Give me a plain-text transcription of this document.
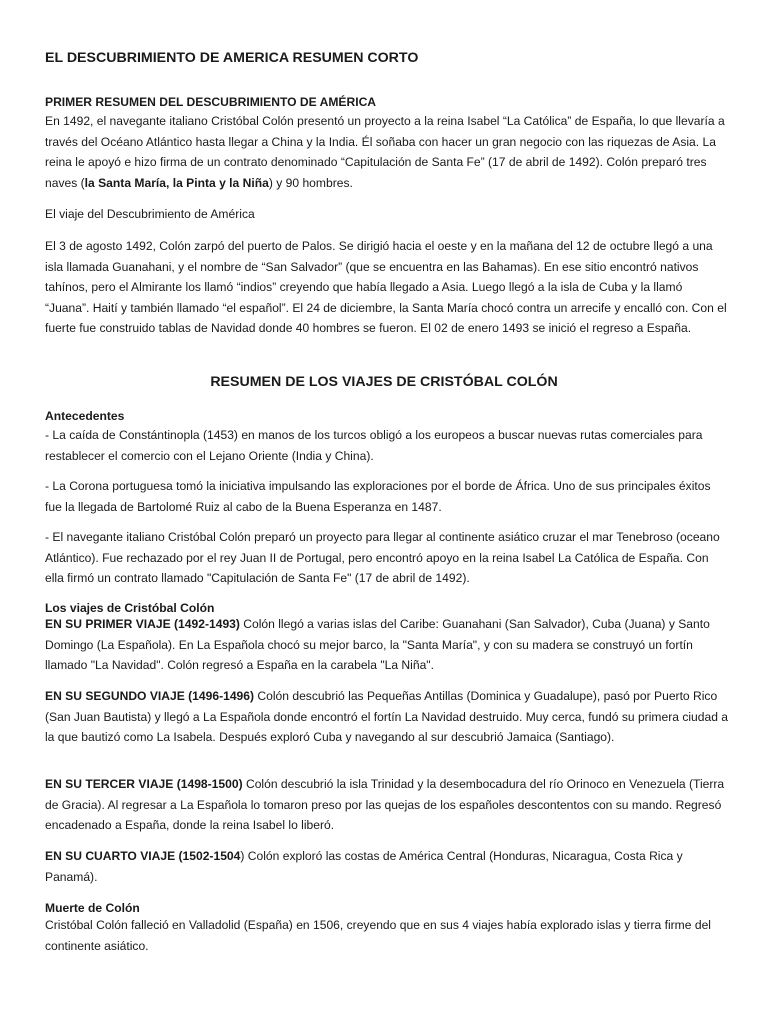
EL DESCUBRIMIENTO DE AMERICA RESUMEN CORTO

PRIMER RESUMEN DEL DESCUBRIMIENTO DE AMÉRICA

En 1492, el navegante italiano Cristóbal Colón presentó un proyecto a la reina Isabel “La Católica” de España, lo que llevaría a través del Océano Atlántico hasta llegar a China y la India. Él soñaba con hacer un gran negocio con las riquezas de Asia. La reina le apoyó e hizo firma de un contrato denominado “Capitulación de Santa Fe” (17 de abril de 1492). Colón preparó tres naves (la Santa María, la Pinta y la Niña) y 90 hombres.

El viaje del Descubrimiento de América

El 3 de agosto 1492, Colón zarpó del puerto de Palos. Se dirigió hacia el oeste y en la mañana del 12 de octubre llegó a una isla llamada Guanahani, y el nombre de “San Salvador” (que se encuentra en las Bahamas). En ese sitio encontró nativos tahínos, pero el Almirante los llamó “indios” creyendo que había llegado a Asia. Luego llegó a la isla de Cuba y la llamó “Juana”. Haití y también llamado “el español”. El 24 de diciembre, la Santa María chocó contra un arrecife y encalló con. Con el fuerte fue construido tablas de Navidad donde 40 hombres se fueron. El 02 de enero 1493 se inició el regreso a España.

RESUMEN DE LOS VIAJES DE CRISTÓBAL COLÓN

Antecedentes

- La caída de Constántinopla (1453) en manos de los turcos obligó a los europeos a buscar nuevas rutas comerciales para restablecer el comercio con el Lejano Oriente (India y China).

- La Corona portuguesa tomó la iniciativa impulsando las exploraciones por el borde de África. Uno de sus principales éxitos fue la llegada de Bartolomé Ruiz al cabo de la Buena Esperanza en 1487.

- El navegante italiano Cristóbal Colón preparó un proyecto para llegar al continente asiático cruzar el mar Tenebroso (oceano Atlántico). Fue rechazado por el rey Juan II de Portugal, pero encontró apoyo en la reina Isabel La Católica de España. Con ella firmó un contrato llamado "Capitulación de Santa Fe" (17 de abril de 1492).

Los viajes de Cristóbal Colón

EN SU PRIMER VIAJE (1492-1493) Colón llegó a varias islas del Caribe: Guanahani (San Salvador), Cuba (Juana) y Santo Domingo (La Española). En La Española chocó su mejor barco, la "Santa María", y con su madera se construyó un fortín llamado "La Navidad". Colón regresó a España en la carabela "La Niña".

EN SU SEGUNDO VIAJE (1496-1496) Colón descubrió las Pequeñas Antillas (Dominica y Guadalupe), pasó por Puerto Rico (San Juan Bautista) y llegó a La Española donde encontró el fortín La Navidad destruido. Muy cerca, fundó su primera ciudad a la que bautizó como La Isabela. Después exploró Cuba y navegando al sur descubrió Jamaica (Santiago).

EN SU TERCER VIAJE (1498-1500) Colón descubrió la isla Trinidad y la desembocadura del río Orinoco en Venezuela (Tierra de Gracia). Al regresar a La Española lo tomaron preso por las quejas de los españoles descontentos con su mando. Regresó encadenado a España, donde la reina Isabel lo liberó.

EN SU CUARTO VIAJE (1502-1504) Colón exploró las costas de América Central (Honduras, Nicaragua, Costa Rica y Panamá).

Muerte de Colón

Cristóbal Colón falleció en Valladolid (España) en 1506, creyendo que en sus 4 viajes había explorado islas y tierra firme del continente asiático.
